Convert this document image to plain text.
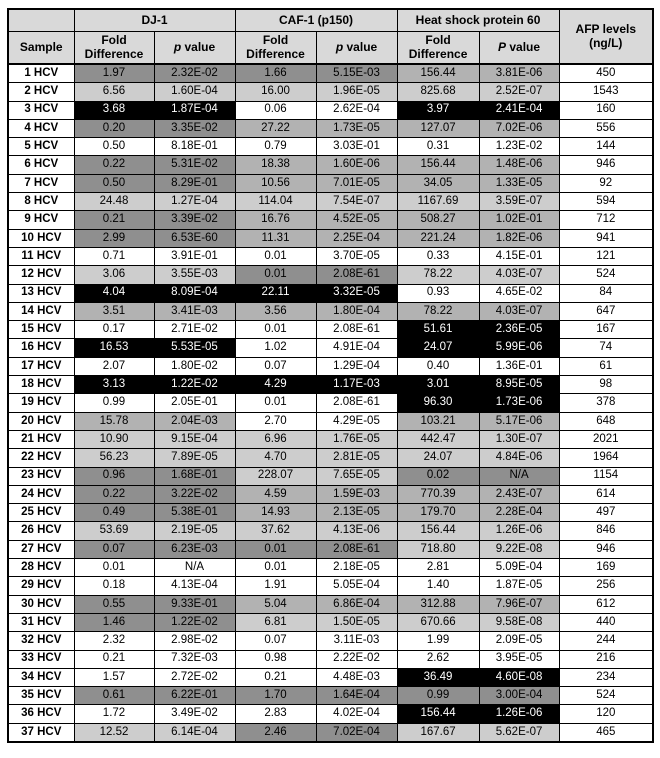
	DJ-1		CAF-1 (p150)		Heat shock protein 60		AFP levels (ng/L)
Sample	Fold Difference	p value	Fold Difference	p value	Fold Difference	P value	

1 HCV	1.97	2.32E-02	1.66	5.15E-03	156.44	3.81E-06	450
2 HCV	6.56	1.60E-04	16.00	1.96E-05	825.68	2.52E-07	1543
3 HCV	3.68	1.87E-04	0.06	2.62E-04	3.97	2.41E-04	160
4 HCV	0.20	3.35E-02	27.22	1.73E-05	127.07	7.02E-06	556
5 HCV	0.50	8.18E-01	0.79	3.03E-01	0.31	1.23E-02	144
6 HCV	0.22	5.31E-02	18.38	1.60E-06	156.44	1.48E-06	946
7 HCV	0.50	8.29E-01	10.56	7.01E-05	34.05	1.33E-05	92
8 HCV	24.48	1.27E-04	114.04	7.54E-07	1167.69	3.59E-07	594
9 HCV	0.21	3.39E-02	16.76	4.52E-05	508.27	1.02E-01	712
10 HCV	2.99	6.53E-60	11.31	2.25E-04	221.24	1.82E-06	941
11 HCV	0.71	3.91E-01	0.01	3.70E-05	0.33	4.15E-01	121
12 HCV	3.06	3.55E-03	0.01	2.08E-61	78.22	4.03E-07	524
13 HCV	4.04	8.09E-04	22.11	3.32E-05	0.93	4.65E-02	84
14 HCV	3.51	3.41E-03	3.56	1.80E-04	78.22	4.03E-07	647
15 HCV	0.17	2.71E-02	0.01	2.08E-61	51.61	2.36E-05	167
16 HCV	16.53	5.53E-05	1.02	4.91E-04	24.07	5.99E-06	74
17 HCV	2.07	1.80E-02	0.07	1.29E-04	0.40	1.36E-01	61
18 HCV	3.13	1.22E-02	4.29	1.17E-03	3.01	8.95E-05	98
19 HCV	0.99	2.05E-01	0.01	2.08E-61	96.30	1.73E-06	378
20 HCV	15.78	2.04E-03	2.70	4.29E-05	103.21	5.17E-06	648
21 HCV	10.90	9.15E-04	6.96	1.76E-05	442.47	1.30E-07	2021
22 HCV	56.23	7.89E-05	4.70	2.81E-05	24.07	4.84E-06	1964
23 HCV	0.96	1.68E-01	228.07	7.65E-05	0.02	N/A	1154
24 HCV	0.22	3.22E-02	4.59	1.59E-03	770.39	2.43E-07	614
25 HCV	0.49	5.38E-01	14.93	2.13E-05	179.70	2.28E-04	497
26 HCV	53.69	2.19E-05	37.62	4.13E-06	156.44	1.26E-06	846
27 HCV	0.07	6.23E-03	0.01	2.08E-61	718.80	9.22E-08	946
28 HCV	0.01	N/A	0.01	2.18E-05	2.81	5.09E-04	169
29 HCV	0.18	4.13E-04	1.91	5.05E-04	1.40	1.87E-05	256
30 HCV	0.55	9.33E-01	5.04	6.86E-04	312.88	7.96E-07	612
31 HCV	1.46	1.22E-02	6.81	1.50E-05	670.66	9.58E-08	440
32 HCV	2.32	2.98E-02	0.07	3.11E-03	1.99	2.09E-05	244
33 HCV	0.21	7.32E-03	0.98	2.22E-02	2.62	3.95E-05	216
34 HCV	1.57	2.72E-02	0.21	4.48E-03	36.49	4.60E-08	234
35 HCV	0.61	6.22E-01	1.70	1.64E-04	0.99	3.00E-04	524
36 HCV	1.72	3.49E-02	2.83	4.02E-04	156.44	1.26E-06	120
37 HCV	12.52	6.14E-04	2.46	7.02E-04	167.67	5.62E-07	465
